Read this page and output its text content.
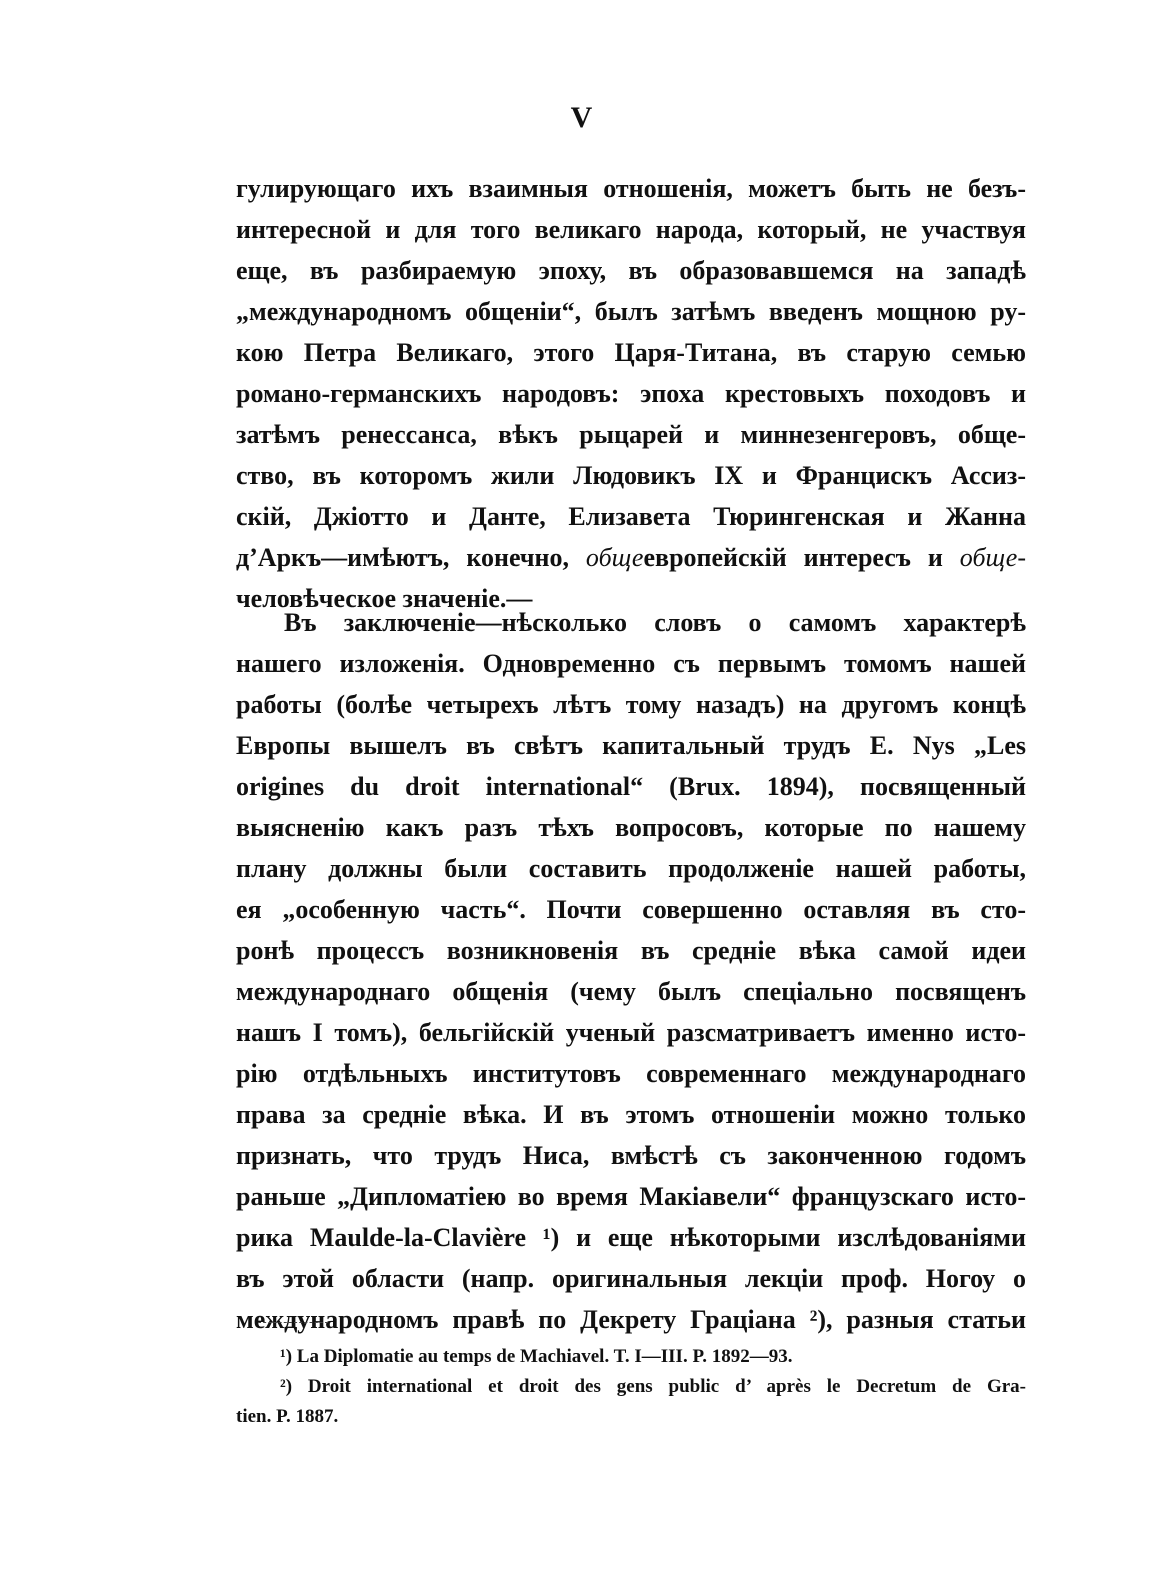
V
гулирующаго ихъ взаимныя отношенія, можетъ быть не безъ-
интересной и для того великаго народа, который, не участвуя
еще, въ разбираемую эпоху, въ образовавшемся на западѣ
„международномъ общеніи“, былъ затѣмъ введенъ мощною ру-
кою Петра Великаго, этого Царя-Титана, въ старую семью
романо-германскихъ народовъ: эпоха крестовыхъ походовъ и
затѣмъ ренессанса, вѣкъ рыцарей и миннезенгеровъ, обще-
ство, въ которомъ жили Людовикъ IX и Францискъ Ассиз-
скій, Джіотто и Данте, Елизавета Тюрингенская и Жанна
д’Аркъ—имѣютъ, конечно, общеевропейскій интересъ и обще-
человѣческое значеніе.—
Въ заключеніе—нѣсколько словъ о самомъ характерѣ
нашего изложенія. Одновременно съ первымъ томомъ нашей
работы (болѣе четырехъ лѣтъ тому назадъ) на другомъ концѣ
Европы вышелъ въ свѣтъ капитальный трудъ E. Nys „Les
origines du droit international“ (Brux. 1894), посвященный
выясненію какъ разъ тѣхъ вопросовъ, которые по нашему
плану должны были составить продолженіе нашей работы,
ея „особенную часть“. Почти совершенно оставляя въ сто-
ронѣ процессъ возникновенія въ средніе вѣка самой идеи
международнаго общенія (чему былъ спеціально посвященъ
нашъ I томъ), бельгійскій ученый разсматриваетъ именно исто-
рію отдѣльныхъ институтовъ современнаго международнаго
права за средніе вѣка. И въ этомъ отношеніи можно только
признать, что трудъ Ниса, вмѣстѣ съ законченною годомъ
раньше „Дипломатіею во время Макіавели“ французскаго исто-
рика Maulde-la-Clavière ¹) и еще нѣкоторыми изслѣдованіями
въ этой области (напр. оригинальныя лекціи проф. Ногоу о
международномъ правѣ по Декрету Граціана ²), разныя статьи
¹) La Diplomatie au temps de Machiavel. T. I—III. P. 1892—93.
²) Droit international et droit des gens public d’ après le Decretum de Gra-
tien. P. 1887.
